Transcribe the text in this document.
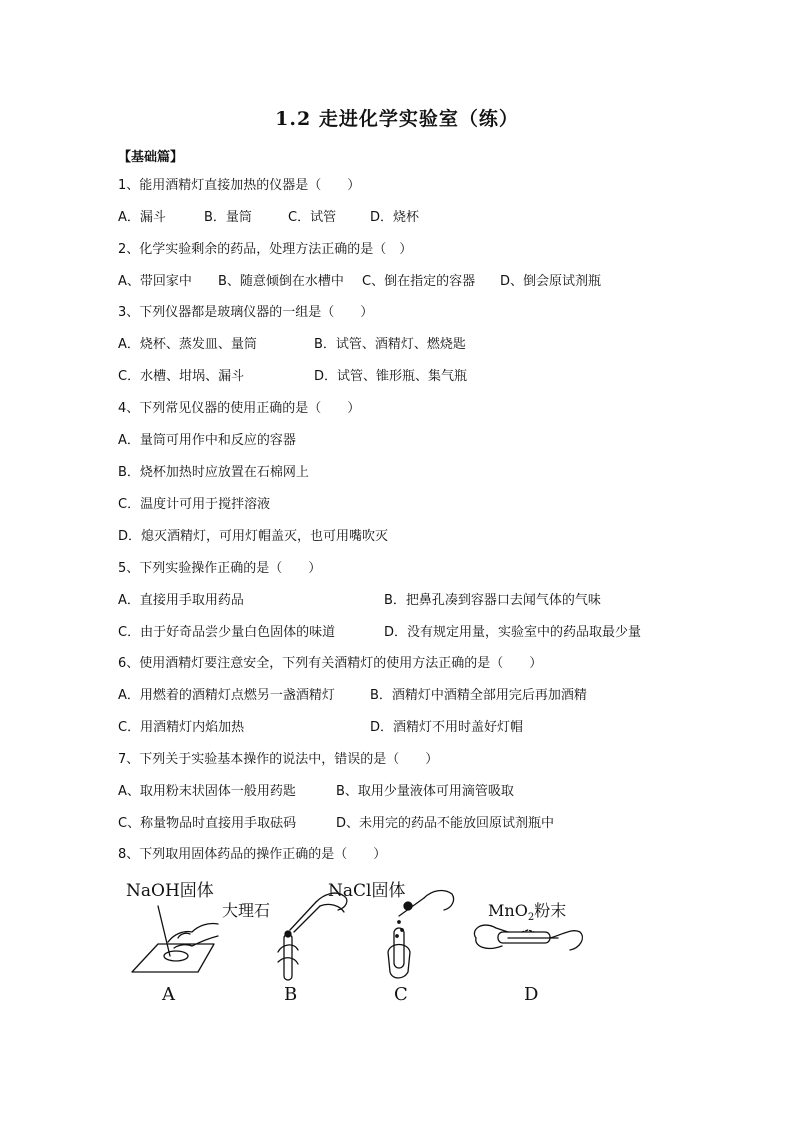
1.2 走进化学实验室（练）
【基础篇】
1、能用酒精灯直接加热的仪器是（　　）
A．漏斗	B．量筒	C．试管	D．烧杯
2、化学实验剩余的药品，处理方法正确的是（　）
A、带回家中 B、随意倾倒在水槽中 C、倒在指定的容器 D、倒会原试剂瓶
3、下列仪器都是玻璃仪器的一组是（　　）
A．烧杯、蒸发皿、量筒	B．试管、酒精灯、燃烧匙
C．水槽、坩埚、漏斗	D．试管、锥形瓶、集气瓶
4、下列常见仪器的使用正确的是（　　）
A．量筒可用作中和反应的容器
B．烧杯加热时应放置在石棉网上
C．温度计可用于搅拌溶液
D．熄灭酒精灯，可用灯帽盖灭，也可用嘴吹灭
5、下列实验操作正确的是（　　）
A．直接用手取用药品	B．把鼻孔凑到容器口去闻气体的气味
C．由于好奇品尝少量白色固体的味道	D．没有规定用量，实验室中的药品取最少量
6、使用酒精灯要注意安全，下列有关酒精灯的使用方法正确的是（　　）
A．用燃着的酒精灯点燃另一盏酒精灯	B．酒精灯中酒精全部用完后再加酒精
C．用酒精灯内焰加热	D．酒精灯不用时盖好灯帽
7、下列关于实验基本操作的说法中，错误的是（　　）
A、取用粉末状固体一般用药匙	B、取用少量液体可用滴管吸取
C、称量物品时直接用手取砝码	D、未用完的药品不能放回原试剂瓶中
8、下列取用固体药品的操作正确的是（　　）
NaOH固体
大理石
NaCl固体
MnO$_2$粉末
A	B	C	D
